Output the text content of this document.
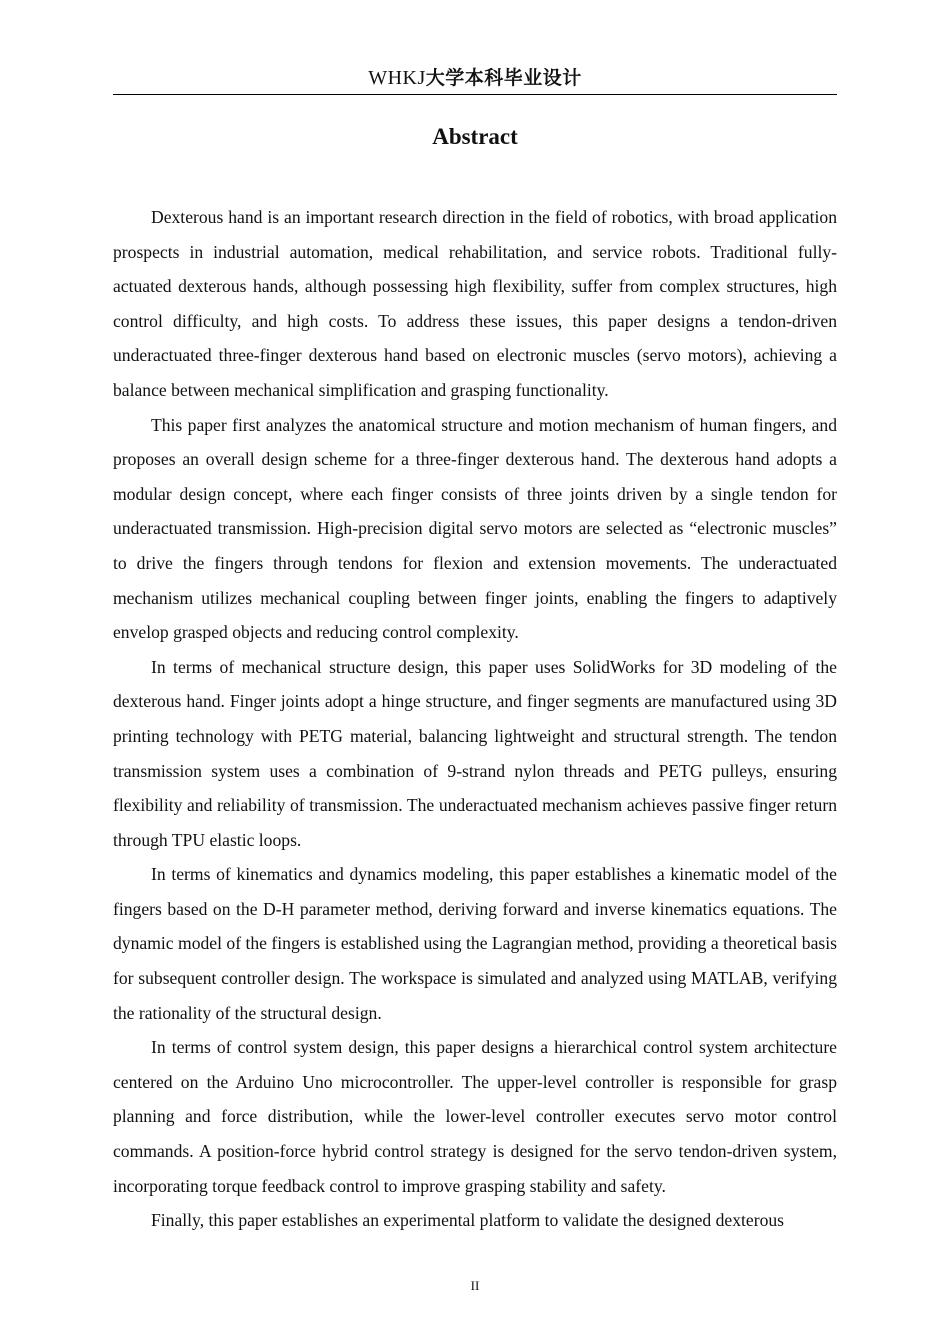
WHKJ大学本科毕业设计
Abstract

Dexterous hand is an important research direction in the field of robotics, with broad application prospects in industrial automation, medical rehabilitation, and service robots. Traditional fully-actuated dexterous hands, although possessing high flexibility, suffer from complex structures, high control difficulty, and high costs. To address these issues, this paper designs a tendon-driven underactuated three-finger dexterous hand based on electronic muscles (servo motors), achieving a balance between mechanical simplification and grasping functionality.

This paper first analyzes the anatomical structure and motion mechanism of human fingers, and proposes an overall design scheme for a three-finger dexterous hand. The dexterous hand adopts a modular design concept, where each finger consists of three joints driven by a single tendon for underactuated transmission. High-precision digital servo motors are selected as “electronic muscles” to drive the fingers through tendons for flexion and extension movements. The underactuated mechanism utilizes mechanical coupling between finger joints, enabling the fingers to adaptively envelop grasped objects and reducing control complexity.

In terms of mechanical structure design, this paper uses SolidWorks for 3D modeling of the dexterous hand. Finger joints adopt a hinge structure, and finger segments are manufactured using 3D printing technology with PETG material, balancing lightweight and structural strength. The tendon transmission system uses a combination of 9-strand nylon threads and PETG pulleys, ensuring flexibility and reliability of transmission. The underactuated mechanism achieves passive finger return through TPU elastic loops.

In terms of kinematics and dynamics modeling, this paper establishes a kinematic model of the fingers based on the D-H parameter method, deriving forward and inverse kinematics equations. The dynamic model of the fingers is established using the Lagrangian method, providing a theoretical basis for subsequent controller design. The workspace is simulated and analyzed using MATLAB, verifying the rationality of the structural design.

In terms of control system design, this paper designs a hierarchical control system architecture centered on the Arduino Uno microcontroller. The upper-level controller is responsible for grasp planning and force distribution, while the lower-level controller executes servo motor control commands. A position-force hybrid control strategy is designed for the servo tendon-driven system, incorporating torque feedback control to improve grasping stability and safety.

Finally, this paper establishes an experimental platform to validate the designed dexterous

II
